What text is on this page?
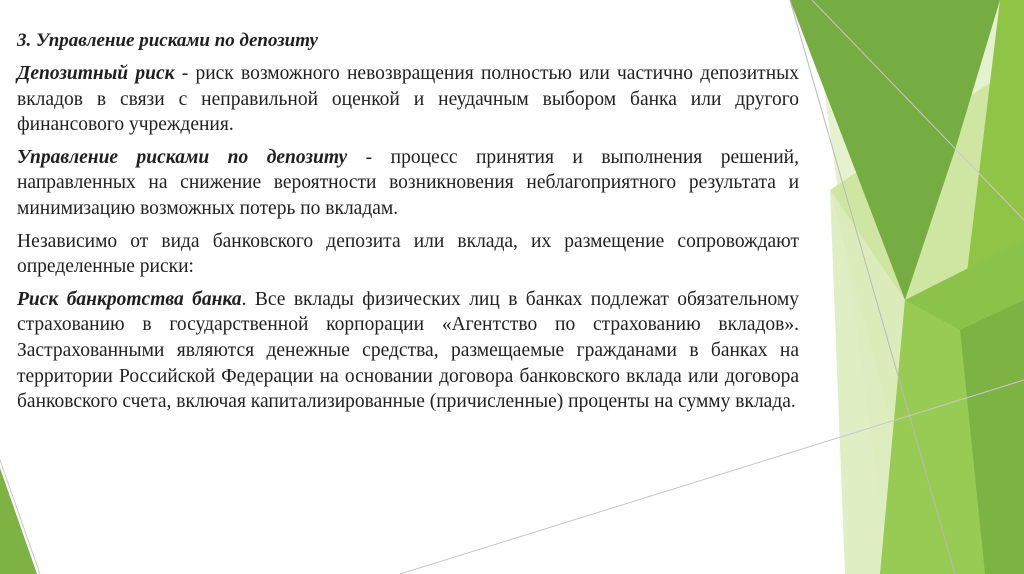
3. Управление рисками по депозиту

Депозитный риск - риск возможного невозвращения полностью или частично депозитных вкладов в связи с неправильной оценкой и неудачным выбором банка или другого финансового учреждения.

Управление рисками по депозиту - процесс принятия и выполнения решений, направленных на снижение вероятности возникновения неблагоприятного результата и минимизацию возможных потерь по вкладам.

Независимо от вида банковского депозита или вклада, их размещение сопровождают определенные риски:

Риск банкротства банка. Все вклады физических лиц в банках подлежат обязательному страхованию в государственной корпорации «Агентство по страхованию вкладов». Застрахованными являются денежные средства, размещаемые гражданами в банках на территории Российской Федерации на основании договора банковского вклада или договора банковского счета, включая капитализированные (причисленные) проценты на сумму вклада.
